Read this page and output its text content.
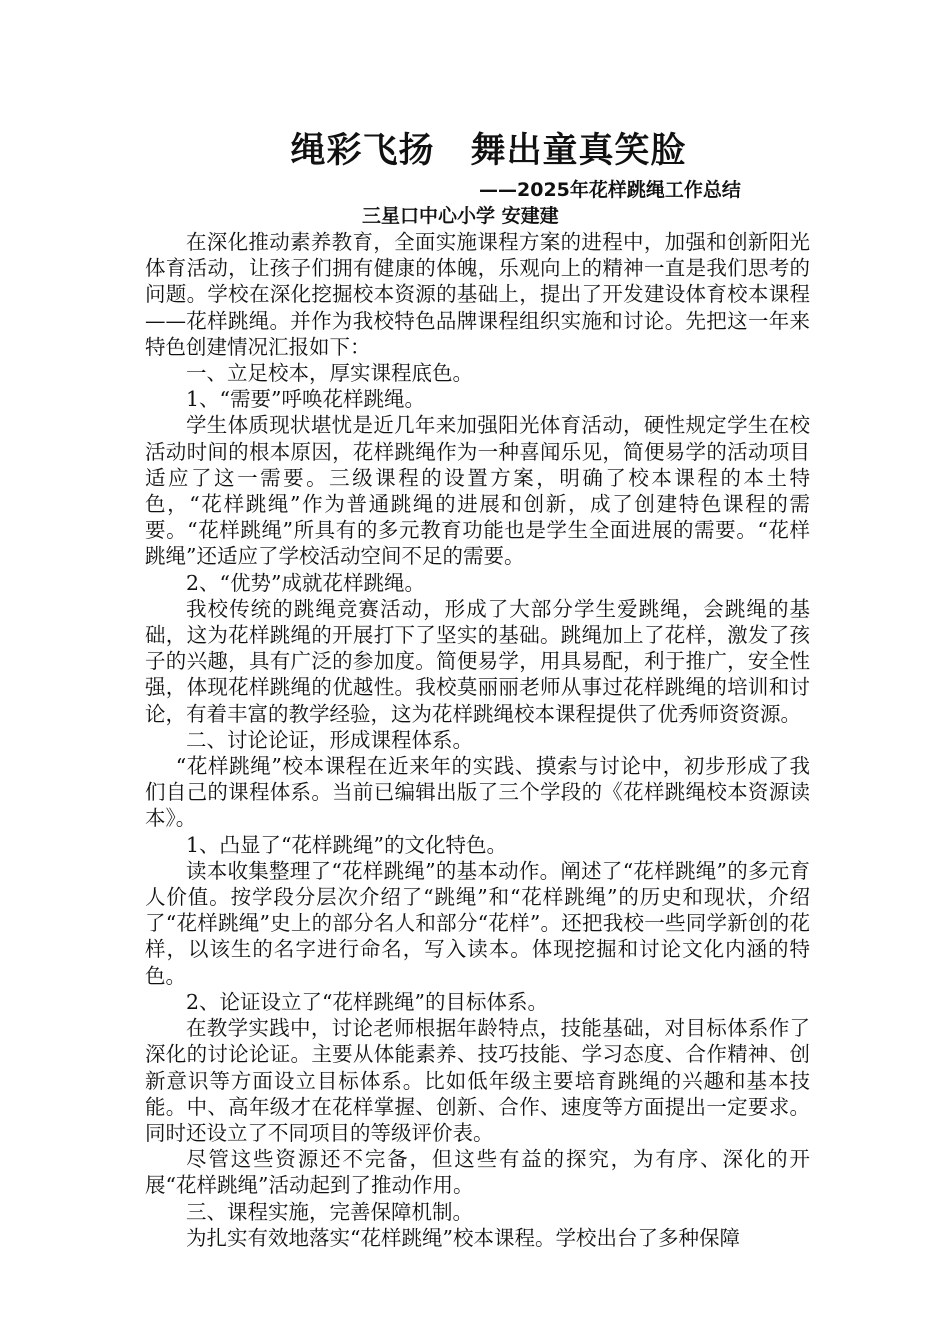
绳彩飞扬　舞出童真笑脸
——2025年花样跳绳工作总结
三星口中心小学 安建建

在深化推动素养教育，全面实施课程方案的进程中，加强和创新阳光体育活动，让孩子们拥有健康的体魄，乐观向上的精神一直是我们思考的问题。学校在深化挖掘校本资源的基础上，提出了开发建设体育校本课程——花样跳绳。并作为我校特色品牌课程组织实施和讨论。先把这一年来特色创建情况汇报如下：

一、立足校本，厚实课程底色。

1、“需要”呼唤花样跳绳。

学生体质现状堪忧是近几年来加强阳光体育活动，硬性规定学生在校活动时间的根本原因，花样跳绳作为一种喜闻乐见，简便易学的活动项目适应了这一需要。三级课程的设置方案，明确了校本课程的本土特色，“花样跳绳”作为普通跳绳的进展和创新，成了创建特色课程的需要。“花样跳绳”所具有的多元教育功能也是学生全面进展的需要。“花样跳绳”还适应了学校活动空间不足的需要。

2、“优势”成就花样跳绳。

我校传统的跳绳竞赛活动，形成了大部分学生爱跳绳，会跳绳的基础，这为花样跳绳的开展打下了坚实的基础。跳绳加上了花样，激发了孩子的兴趣，具有广泛的参加度。简便易学，用具易配，利于推广，安全性强，体现花样跳绳的优越性。我校莫丽丽老师从事过花样跳绳的培训和讨论，有着丰富的教学经验，这为花样跳绳校本课程提供了优秀师资资源。

二、讨论论证，形成课程体系。

“花样跳绳”校本课程在近来年的实践、摸索与讨论中，初步形成了我们自己的课程体系。当前已编辑出版了三个学段的《花样跳绳校本资源读本》。

1、凸显了“花样跳绳”的文化特色。

读本收集整理了“花样跳绳”的基本动作。阐述了“花样跳绳”的多元育人价值。按学段分层次介绍了“跳绳”和“花样跳绳”的历史和现状，介绍了“花样跳绳”史上的部分名人和部分“花样”。还把我校一些同学新创的花样，以该生的名字进行命名，写入读本。体现挖掘和讨论文化内涵的特色。

2、论证设立了“花样跳绳”的目标体系。

在教学实践中，讨论老师根据年龄特点，技能基础，对目标体系作了深化的讨论论证。主要从体能素养、技巧技能、学习态度、合作精神、创新意识等方面设立目标体系。比如低年级主要培育跳绳的兴趣和基本技能。中、高年级才在花样掌握、创新、合作、速度等方面提出一定要求。同时还设立了不同项目的等级评价表。

尽管这些资源还不完备，但这些有益的探究，为有序、深化的开展“花样跳绳”活动起到了推动作用。

三、课程实施，完善保障机制。

为扎实有效地落实“花样跳绳”校本课程。学校出台了多种保障
